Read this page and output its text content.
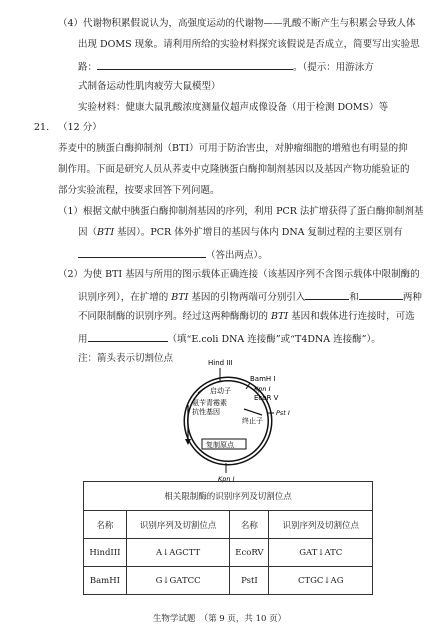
（4）代谢物积累假说认为，高强度运动的代谢物——乳酸不断产生与积累会导致人体
出现 DOMS 现象。请利用所给的实验材料探究该假说是否成立，简要写出实验思
路：	。（提示：用游泳方
式制备运动性肌肉疲劳大鼠模型）
实验材料：健康大鼠乳酸浓度测量仪超声成像设备（用于检测 DOMS）等
21. （12 分）
荞麦中的胰蛋白酶抑制剂（BTI）可用于防治害虫，对肿瘤细胞的增殖也有明显的抑
制作用。下面是研究人员从荞麦中克隆胰蛋白酶抑制剂基因以及基因产物功能验证的
部分实验流程，按要求回答下列问题。
（1）根据文献中胰蛋白酶抑制剂基因的序列，利用 PCR 法扩增获得了蛋白酶抑制剂基
因（BTI 基因）。PCR 体外扩增目的基因与体内 DNA 复制过程的主要区别有
（答出两点）。
（2）为使 BTI 基因与所用的图示载体正确连接（该基因序列不含图示载体中限制酶的
识别序列），在扩增的 BTI 基因的引物两端可分别引入	和	两种
不同限制酶的识别序列。经过这两种酶酶切的 BTI 基因和载体进行连接时，可选
用	（填“E.coli DNA 连接酶”或“T4DNA 连接酶”）。
注：箭头表示切割位点	Hind III
BamH I
Kpn I
EcoR V
Pst I
Kpn I
启动子
氨苄青霉素
抗性基因
终止子
复制原点
相关限制酶的识别序列及切割位点			
名称	识别序列及切割位点	名称	识别序列及切割位点
HindIII	A↓AGCTT	EcoRV	GAT↓ATC
BamHI	G↓GATCC	PstI	CTGC↓AG
生物学试题　（第 9 页，共 10 页）
